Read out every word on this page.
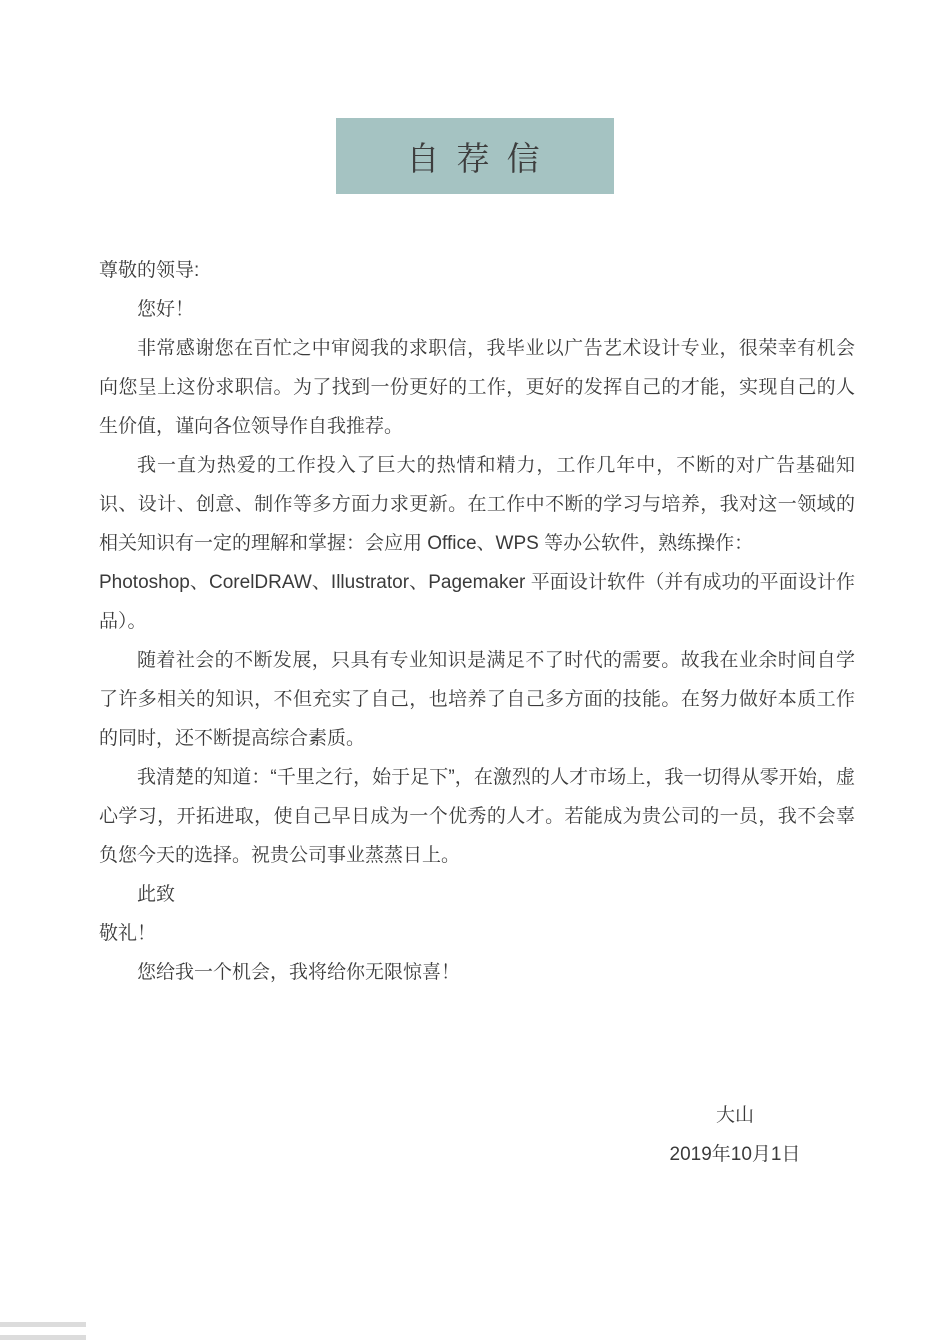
自 荐 信

尊敬的领导:

您好！

非常感谢您在百忙之中审阅我的求职信，我毕业以广告艺术设计专业，很荣幸有机会向您呈上这份求职信。为了找到一份更好的工作，更好的发挥自己的才能，实现自己的人生价值，谨向各位领导作自我推荐。

我一直为热爱的工作投入了巨大的热情和精力，工作几年中，不断的对广告基础知识、设计、创意、制作等多方面力求更新。在工作中不断的学习与培养，我对这一领域的相关知识有一定的理解和掌握：会应用 Office、WPS 等办公软件，熟练操作：

Photoshop、CorelDRAW、Illustrator、Pagemaker 平面设计软件（并有成功的平面设计作品）。

随着社会的不断发展，只具有专业知识是满足不了时代的需要。故我在业余时间自学了许多相关的知识，不但充实了自己，也培养了自己多方面的技能。在努力做好本质工作的同时，还不断提高综合素质。

我清楚的知道：“千里之行，始于足下”，在激烈的人才市场上，我一切得从零开始，虚心学习，开拓进取，使自己早日成为一个优秀的人才。若能成为贵公司的一员，我不会辜负您今天的选择。祝贵公司事业蒸蒸日上。

此致

敬礼！

您给我一个机会，我将给你无限惊喜！

大山
2019年10月1日
